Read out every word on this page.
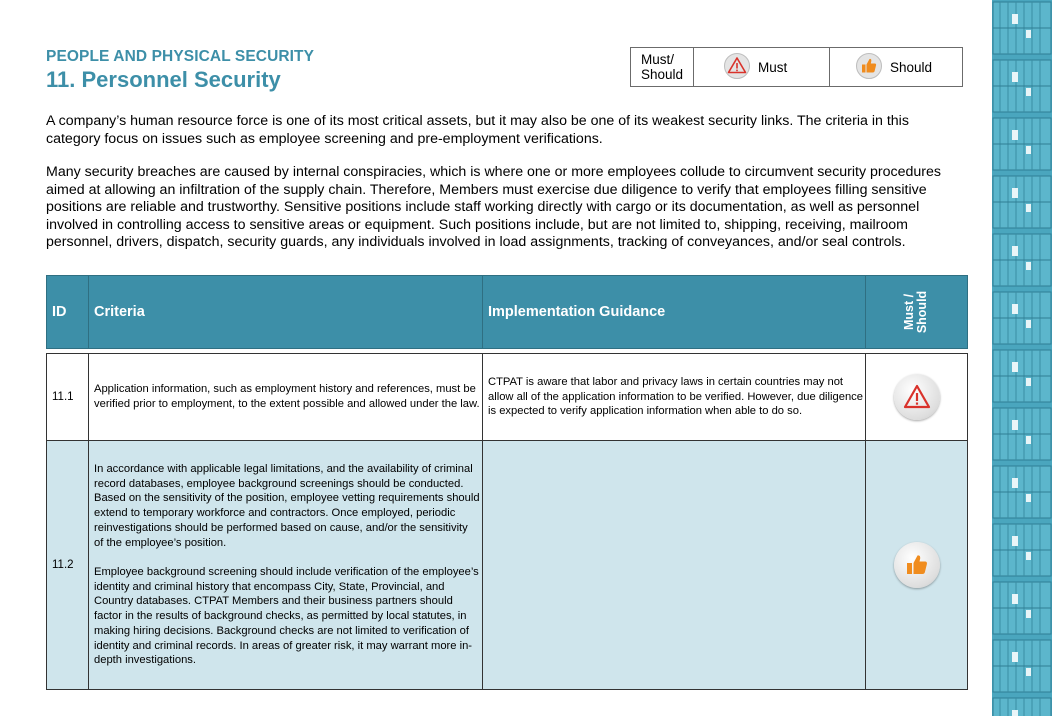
PEOPLE AND PHYSICAL SECURITY
11. Personnel Security
Must/
Should	Must	Should

A company’s human resource force is one of its most critical assets, but it may also be one of its weakest security links. The criteria in this category focus on issues such as employee screening and pre-employment verifications.

Many security breaches are caused by internal conspiracies, which is where one or more employees collude to circumvent security procedures aimed at allowing an infiltration of the supply chain. Therefore, Members must exercise due diligence to verify that employees filling sensitive positions are reliable and trustworthy. Sensitive positions include staff working directly with cargo or its documentation, as well as personnel involved in controlling access to sensitive areas or equipment. Such positions include, but are not limited to, shipping, receiving, mailroom personnel, drivers, dispatch, security guards, any individuals involved in load assignments, tracking of conveyances, and/or seal controls.

ID	Criteria	Implementation Guidance	Must /
Should
11.1	Application information, such as employment history and references, must be verified prior to employment, to the extent possible and allowed under the law.	CTPAT is aware that labor and privacy laws in certain countries may not allow all of the application information to be verified. However, due diligence is expected to verify application information when able to do so.	

11.2	In accordance with applicable legal limitations, and the availability of criminal record databases, employee background screenings should be conducted. Based on the sensitivity of the position, employee vetting requirements should extend to temporary workforce and contractors. Once employed, periodic reinvestigations should be performed based on cause, and/or the sensitivity of the employee’s position.

Employee background screening should include verification of the employee’s identity and criminal history that encompass City, State, Provincial, and Country databases. CTPAT Members and their business partners should factor in the results of background checks, as permitted by local statutes, in making hiring decisions. Background checks are not limited to verification of identity and criminal records. In areas of greater risk, it may warrant more in-depth investigations.
